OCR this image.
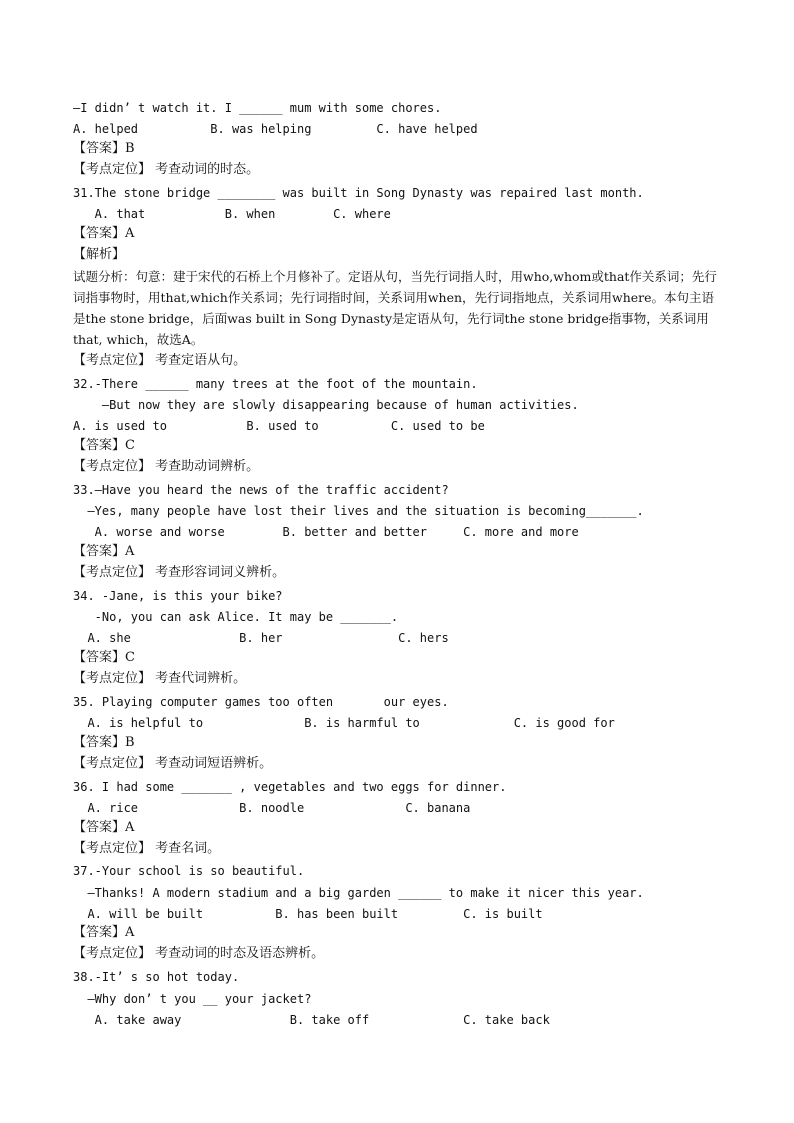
—I didn’ t watch it. I ______ mum with some chores.
A. helped          B. was helping         C. have helped
【答案】B
【考点定位】 考查动词的时态。
31.The stone bridge ________ was built in Song Dynasty was repaired last month.
A. that           B. when        C. where
【答案】A
【解析】
试题分析：句意：建于宋代的石桥上个月修补了。定语从句，当先行词指人时，用who,whom或that作关系词；先行词指事物时，用that,which作关系词；先行词指时间，关系词用when，先行词指地点，关系词用where。本句主语是the stone bridge，后面was built in Song Dynasty是定语从句，先行词the stone bridge指事物，关系词用that, which，故选A。
【考点定位】 考查定语从句。
32.-There ______ many trees at the foot of the mountain.
—But now they are slowly disappearing because of human activities.
A. is used to           B. used to          C. used to be
【答案】C
【考点定位】 考查助动词辨析。
33.—Have you heard the news of the traffic accident?
—Yes, many people have lost their lives and the situation is becoming_______.
A. worse and worse        B. better and better     C. more and more
【答案】A
【考点定位】 考查形容词词义辨析。
34. -Jane, is this your bike?
-No, you can ask Alice. It may be _______.
A. she               B. her                C. hers
【答案】C
【考点定位】 考查代词辨析。
35. Playing computer games too often       our eyes.
A. is helpful to              B. is harmful to             C. is good for
【答案】B
【考点定位】 考查动词短语辨析。
36. I had some _______ , vegetables and two eggs for dinner.
A. rice              B. noodle              C. banana
【答案】A
【考点定位】 考查名词。
37.-Your school is so beautiful.
—Thanks! A modern stadium and a big garden ______ to make it nicer this year.
A. will be built          B. has been built         C. is built
【答案】A
【考点定位】 考查动词的时态及语态辨析。
38.-It’ s so hot today.
—Why don’ t you __ your jacket?
A. take away               B. take off             C. take back
